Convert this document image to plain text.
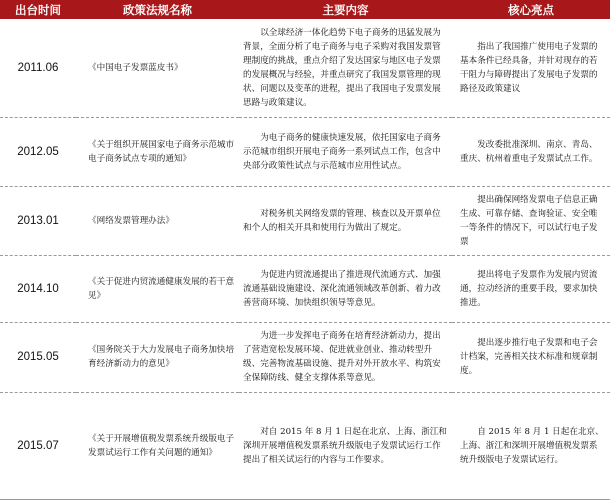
出台时间	政策法规名称	主要内容	核心亮点
2011.06	《中国电子发票蓝皮书》	以全球经济一体化趋势下电子商务的迅猛发展为背景，全面分析了电子商务与电子采购对我国发票管理制度的挑战，重点介绍了发达国家与地区电子发票的发展概况与经验，并重点研究了我国发票管理的现状、问题以及变革的进程，提出了我国电子发票发展思路与政策建议。	指出了我国推广使用电子发票的基本条件已经具备，并针对现存的若干阻力与障碍提出了发展电子发票的路径及政策建议
2012.05	《关于组织开展国家电子商务示范城市电子商务试点专项的通知》	为电子商务的健康快速发展，依托国家电子商务示范城市组织开展电子商务一系列试点工作，包含中央部分政策性试点与示范城市应用性试点。	发改委批准深圳、南京、青岛、重庆、杭州着重电子发票试点工作。
2013.01	《网络发票管理办法》	对税务机关网络发票的管理、核查以及开票单位和个人的相关开具和使用行为做出了规定。	提出确保网络发票电子信息正确生成、可靠存储、查询验证、安全唯一等条件的情况下，可以试行电子发票
2014.10	《关于促进内贸流通健康发展的若干意见》	为促进内贸流通提出了推进现代流通方式、加强流通基础设施建设、深化流通领域改革创新、着力改善营商环境、加快组织领导等意见。	提出将电子发票作为发展内贸流通，拉动经济的重要手段，要求加快推进。
2015.05	《国务院关于大力发展电子商务加快培育经济新动力的意见》	为进一步发挥电子商务在培育经济新动力，提出了营造宽松发展环境、促进就业创业、推动转型升级、完善物流基础设施、提升对外开放水平、构筑安全保障防线、健全支撑体系等意见。	提出逐步推行电子发票和电子会计档案，完善相关技术标准和规章制度。
2015.07	《关于开展增值税发票系统升级版电子发票试运行工作有关问题的通知》	对自 2015 年 8 月 1 日起在北京、上海、浙江和深圳开展增值税发票系统升级版电子发票试运行工作提出了相关试运行的内容与工作要求。	自 2015 年 8 月 1 日起在北京、上海、浙江和深圳开展增值税发票系统升级版电子发票试运行。
